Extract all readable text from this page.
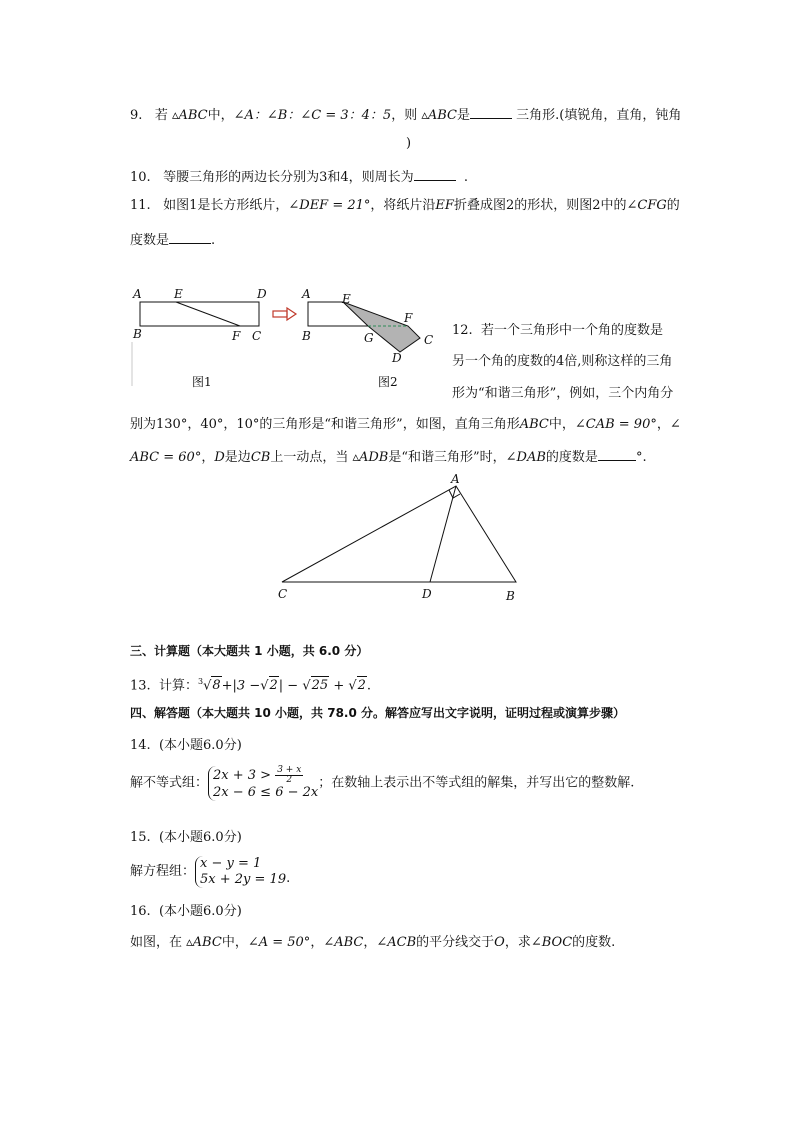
9. 若 ▵ABC中，∠A：∠B：∠C = 3：4：5，则 ▵ABC是	三角形.(填锐角，直角，钝角
)
10. 等腰三角形的两边长分别为3和4，则周长为	.
11. 如图1是长方形纸片，∠DEF = 21°，将纸片沿EF折叠成图2的形状，则图2中的∠CFG的
度数是	.
A	E	D
B	F C
A	E
F
B	G	C
D
图1	图2
12. 若一个三角形中一个角的度数是
另一个角的度数的4倍,则称这样的三角
形为“和谐三角形”，例如，三个内角分
别为130°，40°，10°的三角形是“和谐三角形”，如图，直角三角形ABC中，∠CAB = 90°，∠
ABC = 60°，D是边CB上一动点，当 ▵ADB是“和谐三角形”时，∠DAB的度数是	°.
A
C	D	B
三、计算题（本大题共 1 小题，共 6.0 分）
13. 计算：$^3$√8+|3 −√2| − √25 + √2.
四、解答题（本大题共 10 小题，共 78.0 分。解答应写出文字说明，证明过程或演算步骤）
14. (本小题6.0分)
解不等式组： $2x + 3 > \frac{3 + x}{2}$
2x − 6 ≤ 6 − 2x
；在数轴上表示出不等式组的解集，并写出它的整数解.
15. (本小题6.0分)
解方程组：
x − y = 1
5x + 2y = 19 .
16. (本小题6.0分)
如图，在 ▵ABC中，∠A = 50°，∠ABC，∠ACB的平分线交于O，求∠BOC的度数.
